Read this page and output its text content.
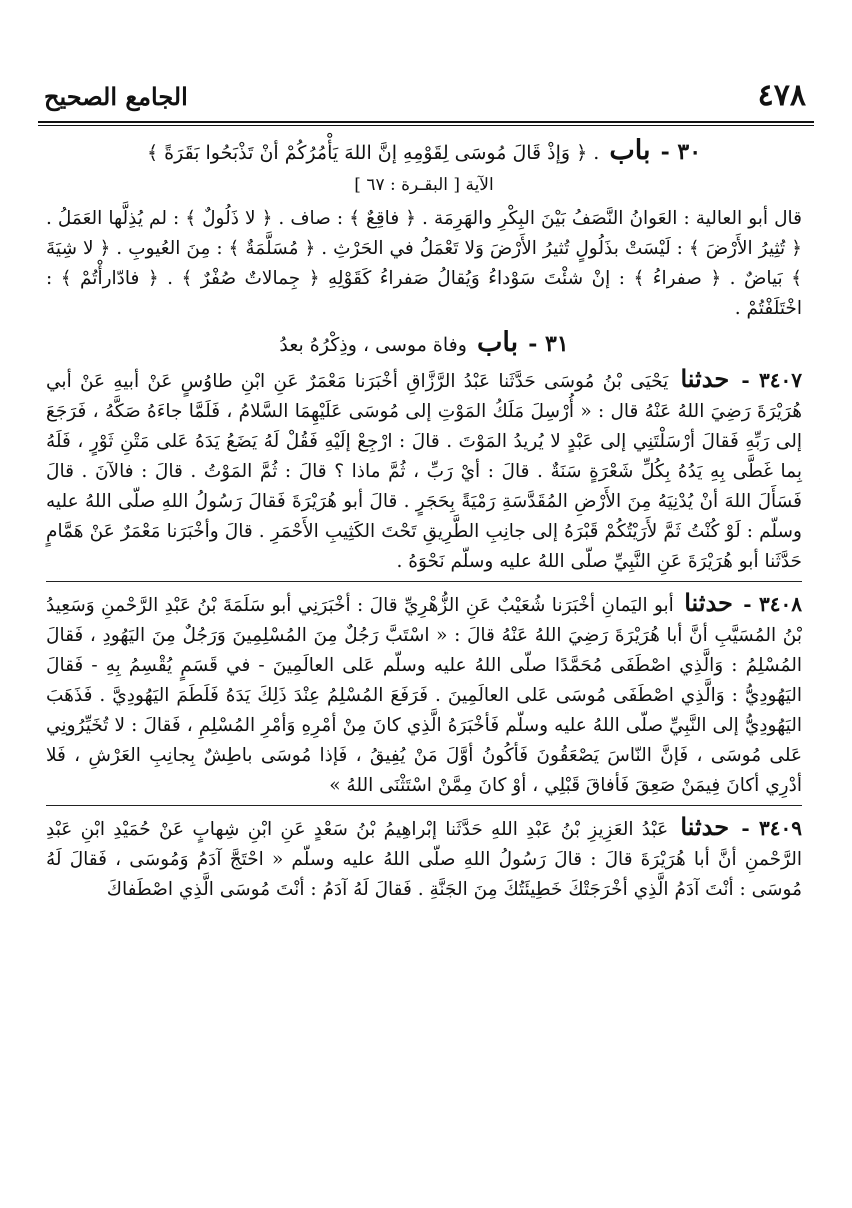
الجامع الصحيح	٤٧٨
٣٠ - باب . ﴿ وَإذْ قَالَ مُوسَى لِقَوْمِهِ إنَّ اللهَ يَأْمُرُكُمْ أنْ تَذْبَحُوا بَقَرَةً ﴾
الآية [ البقـرة : ٦٧ ]

قال أبو العالية : العَوانُ النَّصَفُ بَيْنَ البِكْرِ والهَرِمَة . ﴿ فاقِعٌ ﴾ : صاف . ﴿ لا ذَلُولٌ ﴾ : لم يُذِلَّها العَمَلُ . ﴿ تُثِيرُ الأَرْضَ ﴾ : لَيْسَتْ بذَلُولٍ تُثيرُ الأَرْضَ وَلا تَعْمَلُ في الحَرْثِ . ﴿ مُسَلَّمَةٌ ﴾ : مِنَ العُيوبِ . ﴿ لا شِيَةَ ﴾ بَياضٌ . ﴿ صفراءُ ﴾ : إنْ شئْتَ سَوْداءُ وَيُقالُ صَفراءُ كَقَوْلِهِ ﴿ جِمالاتٌ صُفْرٌ ﴾ . ﴿ فادّارأْتُمْ ﴾ : اخْتَلَفْتُمْ .

٣١ - باب وفاة موسى ، وذِكْرُهُ بعدُ

٣٤٠٧ - حدثنا يَحْيَى بْنُ مُوسَى حَدَّثَنا عَبْدُ الرَّزَّاقِ أخْبَرَنا مَعْمَرٌ عَنِ ابْنِ طاوُسٍ عَنْ أبيهِ عَنْ أبي هُرَيْرَةَ رَضِيَ اللهُ عَنْهُ قال : « أُرْسِلَ مَلَكُ المَوْتِ إلى مُوسَى عَلَيْهِمَا السَّلامُ ، فَلَمَّا جاءَهُ صَكَّهُ ، فَرَجَعَ إلى رَبِّهِ فَقالَ أرْسَلْتَنِي إلى عَبْدٍ لا يُريدُ المَوْتَ . قالَ : ارْجِعْ إلَيْهِ فَقُلْ لَهُ يَضَعُ يَدَهُ عَلى مَتْنِ ثَوْرٍ ، فَلَهُ بِما غَطَّى بِهِ يَدُهُ بِكُلِّ شَعْرَةٍ سَنَةٌ . قالَ : أيْ رَبِّ ، ثُمَّ ماذا ؟ قالَ : ثُمَّ المَوْتُ . قالَ : فالآنَ . قالَ فَسَأَلَ اللهَ أنْ يُدْنِيَهُ مِنَ الأَرْضِ المُقَدَّسَةِ رَمْيَةً بِحَجَرٍ . قالَ أبو هُرَيْرَةَ فَقالَ رَسُولُ اللهِ صلّى اللهُ عليه وسلّم : لَوْ كُنْتُ ثَمَّ لأَرَيْتُكُمْ قَبْرَهُ إلى جانِبِ الطَّرِيقِ تَحْتَ الكَثِيبِ الأَحْمَرِ . قالَ وأخْبَرَنا مَعْمَرٌ عَنْ هَمَّامٍ حَدَّثَنا أبو هُرَيْرَةَ عَنِ النَّبِيِّ صلّى اللهُ عليه وسلّم نَحْوَهُ .

٣٤٠٨ - حدثنا أبو اليَمانِ أخْبَرَنا شُعَيْبٌ عَنِ الزُّهْرِيِّ قالَ : أخْبَرَنِي أبو سَلَمَةَ بْنُ عَبْدِ الرَّحْمنِ وَسَعِيدُ بْنُ المُسَيَّبِ أنَّ أبا هُرَيْرَةَ رَضِيَ اللهُ عَنْهُ قالَ : « اسْتَبَّ رَجُلٌ مِنَ المُسْلِمِينَ وَرَجُلٌ مِنَ اليَهُودِ ، فَقالَ المُسْلِمُ : وَالَّذِي اصْطَفَى مُحَمَّدًا صلّى اللهُ عليه وسلّم عَلى العالَمِينَ - في قَسَمٍ يُقْسِمُ بِهِ - فَقالَ اليَهُودِيُّ : وَالَّذِي اصْطَفَى مُوسَى عَلى العالَمِينَ . فَرَفَعَ المُسْلِمُ عِنْدَ ذَلِكَ يَدَهُ فَلَطَمَ اليَهُودِيَّ . فَذَهَبَ اليَهُودِيُّ إلى النَّبِيِّ صلّى اللهُ عليه وسلّم فَأخْبَرَهُ الَّذِي كانَ مِنْ أمْرِهِ وَأمْرِ المُسْلِمِ ، فَقالَ : لا تُخَيِّرُونِي عَلى مُوسَى ، فَإنَّ النّاسَ يَصْعَقُونَ فَأكُونُ أوَّلَ مَنْ يُفِيقُ ، فَإذا مُوسَى باطِشٌ بِجانِبِ العَرْشِ ، فَلا أدْرِي أكانَ فِيمَنْ صَعِقَ فَأفاقَ قَبْلِي ، أوْ كانَ مِمَّنْ اسْتَثْنَى اللهُ »

٣٤٠٩ - حدثنا عَبْدُ العَزِيزِ بْنُ عَبْدِ اللهِ حَدَّثَنا إبْراهِيمُ بْنُ سَعْدٍ عَنِ ابْنِ شِهابٍ عَنْ حُمَيْدِ ابْنِ عَبْدِ الرَّحْمنِ أنَّ أبا هُرَيْرَةَ قالَ : قالَ رَسُولُ اللهِ صلّى اللهُ عليه وسلّم « احْتَجَّ آدَمُ وَمُوسَى ، فَقالَ لَهُ مُوسَى : أنْتَ آدَمُ الَّذِي أخْرَجَتْكَ خَطِيئَتُكَ مِنَ الجَنَّةِ . فَقالَ لَهُ آدَمُ : أنْتَ مُوسَى الَّذِي اصْطَفاكَ
